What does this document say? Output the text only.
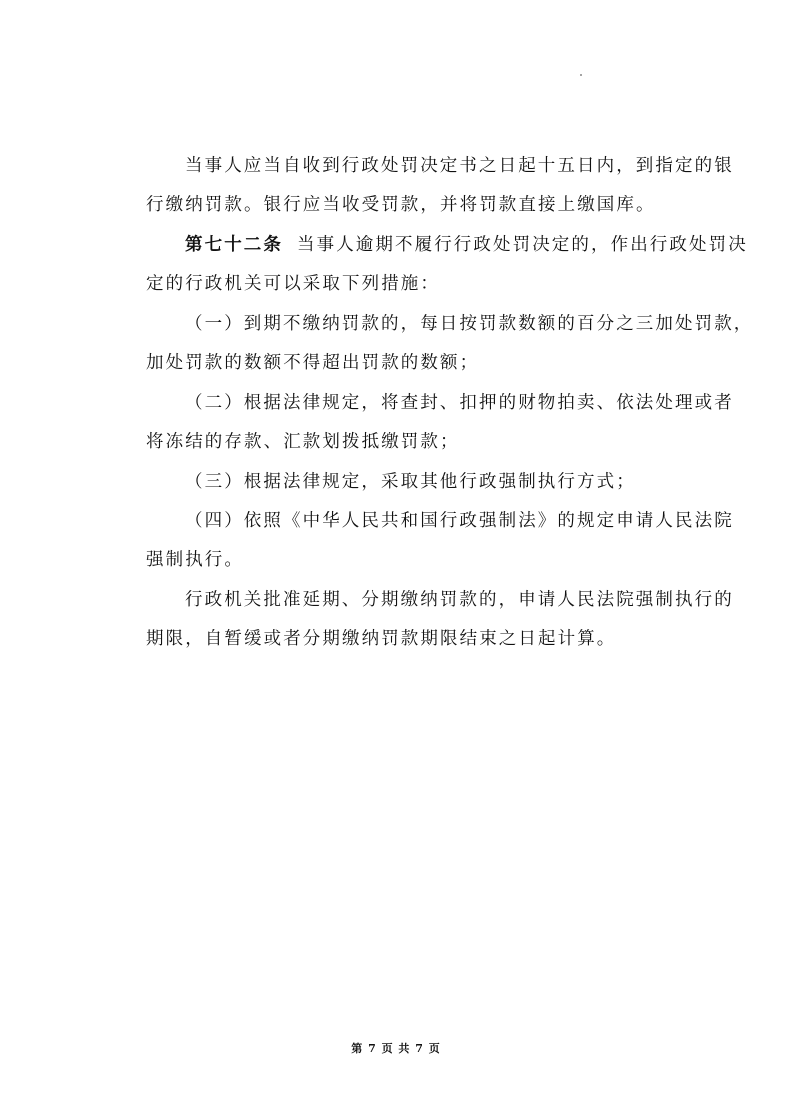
当事人应当自收到行政处罚决定书之日起十五日内，到指定的银
行缴纳罚款。银行应当收受罚款，并将罚款直接上缴国库。
第七十二条 当事人逾期不履行行政处罚决定的，作出行政处罚决
定的行政机关可以采取下列措施：
（一）到期不缴纳罚款的，每日按罚款数额的百分之三加处罚款，
加处罚款的数额不得超出罚款的数额；
（二）根据法律规定，将查封、扣押的财物拍卖、依法处理或者
将冻结的存款、汇款划拨抵缴罚款；
（三）根据法律规定，采取其他行政强制执行方式；
（四）依照《中华人民共和国行政强制法》的规定申请人民法院
强制执行。
行政机关批准延期、分期缴纳罚款的，申请人民法院强制执行的
期限，自暂缓或者分期缴纳罚款期限结束之日起计算。
第 7 页 共 7 页
